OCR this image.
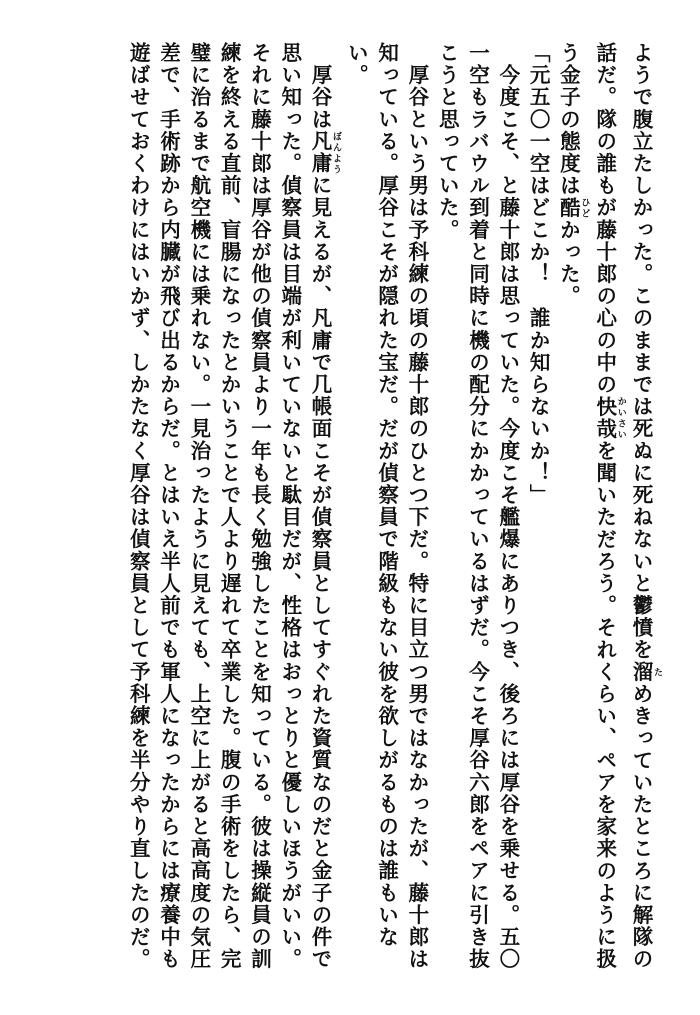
ようで腹立たしかった。このままでは死ぬに死ねないと鬱憤を溜 ためきっていたところに解隊の
話だ。隊の誰もが藤十郎の心の中の快哉 かいさいを聞いただろう。それくらい、ペアを家来のように扱
う金子の態度は酷 ひどかった。
「元五〇一空はどこか！　誰か知らないか！」
　今度こそ、と藤十郎は思っていた。今度こそ艦爆にありつき、後ろには厚谷を乗せる。五〇
一空もラバウル到着と同時に機の配分にかかっているはずだ。今こそ厚谷六郎をペアに引き抜
こうと思っていた。
　厚谷という男は予科練の頃の藤十郎のひとつ下だ。特に目立つ男ではなかったが、藤十郎は
知っている。厚谷こそが隠れた宝だ。だが偵察員で階級もない彼を欲しがるものは誰もいな
い。
　厚谷は凡庸 ぼんように見えるが、凡庸で几帳面こそが偵察員としてすぐれた資質なのだと金子の件で
思い知った。偵察員は目端が利いていないと駄目だが、性格はおっとりと優しいほうがいい。
それに藤十郎は厚谷が他の偵察員より一年も長く勉強したことを知っている。彼は操縦員の訓
練を終える直前、盲腸になったとかいうことで人より遅れて卒業した。腹の手術をしたら、完
璧に治るまで航空機には乗れない。一見治ったように見えても、上空に上がると高高度の気圧
差で、手術跡から内臓が飛び出るからだ。とはいえ半人前でも軍人になったからには療養中も
遊ばせておくわけにはいかず、しかたなく厚谷は偵察員として予科練を半分やり直したのだ。
